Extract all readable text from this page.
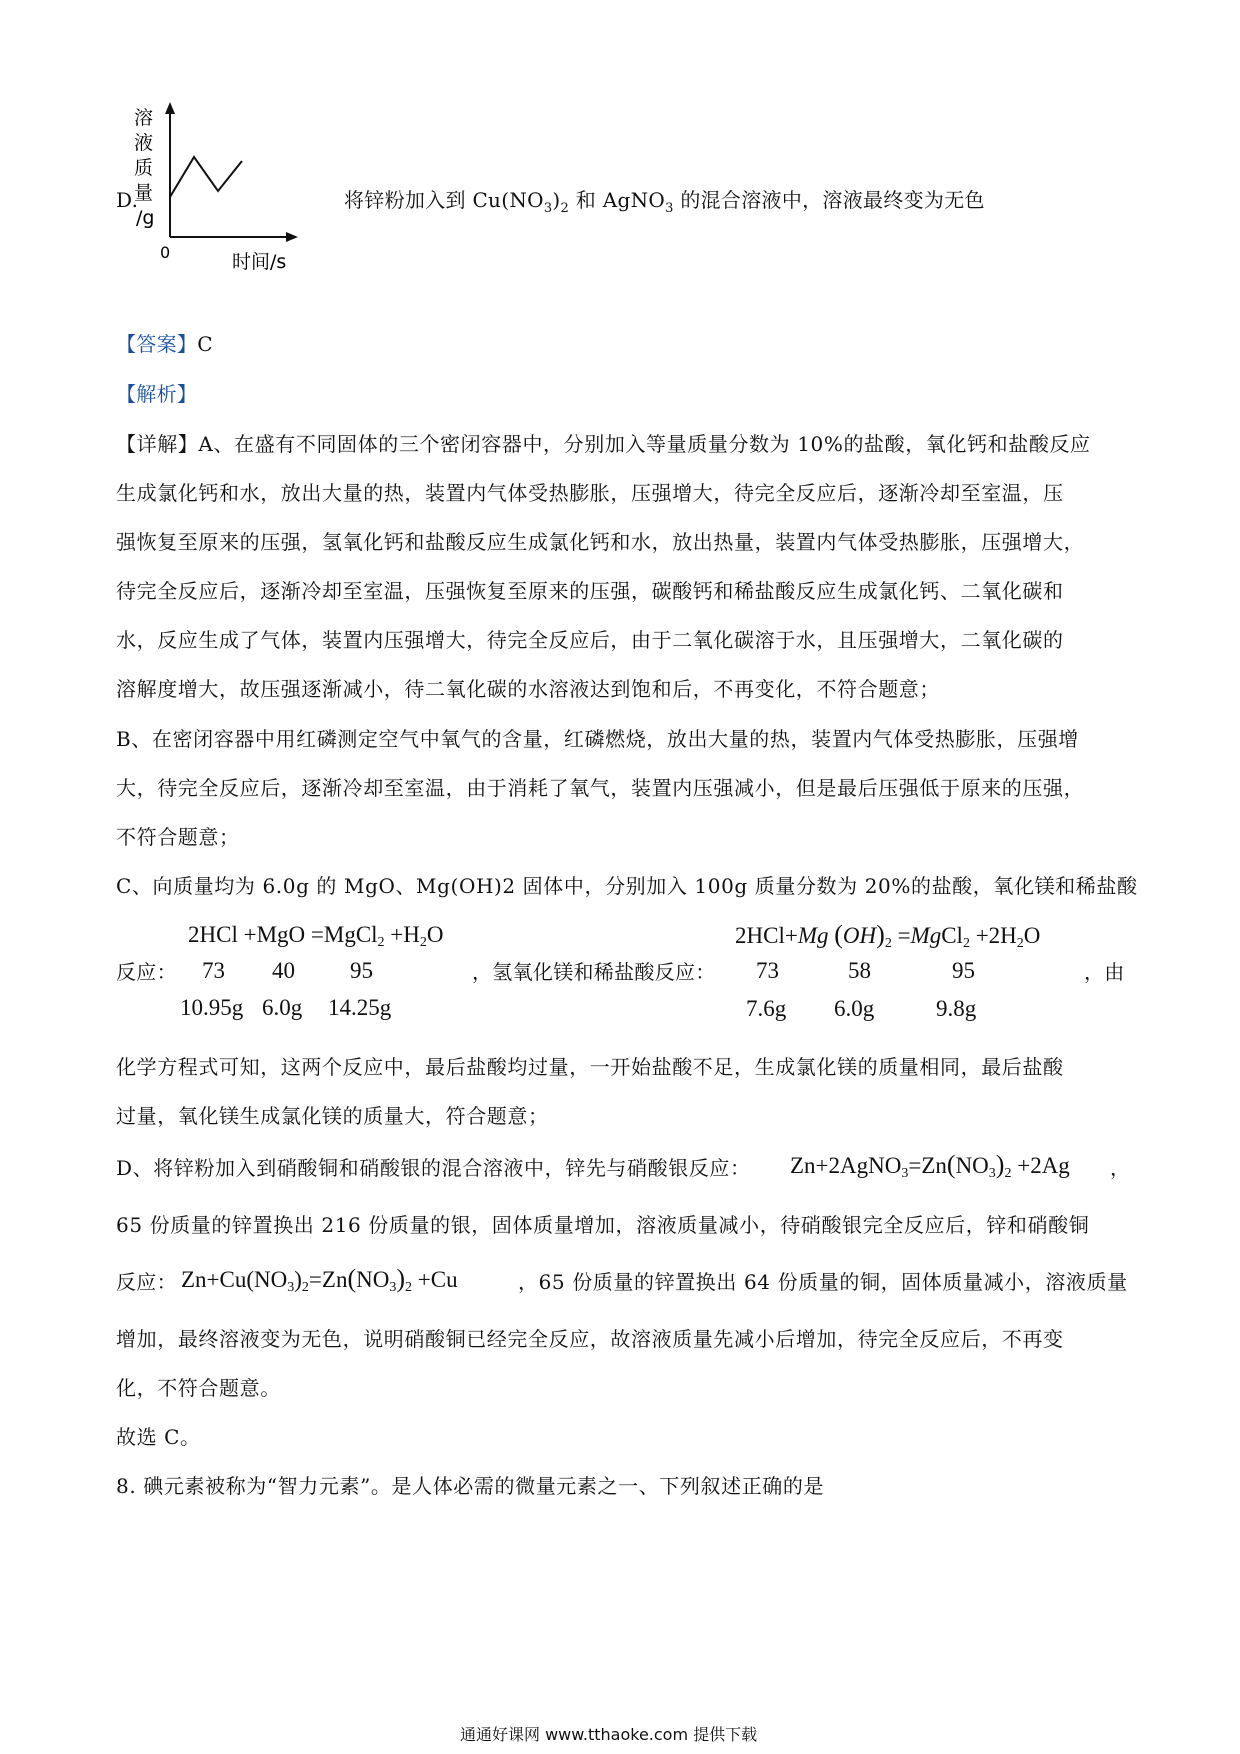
D.
溶
液
质
量
/g
0	时间/s
将锌粉加入到 $Cu(NO_3)_2$ 和 AgNO$_3$ 的混合溶液中，溶液最终变为无色
【答案】C
【解析】
【详解】A、在盛有不同固体的三个密闭容器中，分别加入等量质量分数为 10%的盐酸，氧化钙和盐酸反应
生成氯化钙和水，放出大量的热，装置内气体受热膨胀，压强增大，待完全反应后，逐渐冷却至室温，压
强恢复至原来的压强，氢氧化钙和盐酸反应生成氯化钙和水，放出热量，装置内气体受热膨胀，压强增大，
待完全反应后，逐渐冷却至室温，压强恢复至原来的压强，碳酸钙和稀盐酸反应生成氯化钙、二氧化碳和
水，反应生成了气体，装置内压强增大，待完全反应后，由于二氧化碳溶于水，且压强增大，二氧化碳的
溶解度增大，故压强逐渐减小，待二氧化碳的水溶液达到饱和后，不再变化，不符合题意；
B、在密闭容器中用红磷测定空气中氧气的含量，红磷燃烧，放出大量的热，装置内气体受热膨胀，压强增
大，待完全反应后，逐渐冷却至室温，由于消耗了氧气，装置内压强减小，但是最后压强低于原来的压强，
不符合题意；
C、向质量均为 6.0g 的 MgO、Mg(OH)2 固体中，分别加入 100g 质量分数为 20%的盐酸，氧化镁和稀盐酸
2HCl +MgO =MgCl$_2$ $+H_2O$
反应： 73 40 95
10.95g 6.0g 14.25g
，氢氧化镁和稀盐酸反应：
2HCl+Mg $(OH)_2$ =MgCl$_2$ $+2H_2O$
73	58	95
7.6g 6.0g	9.8g
，由
化学方程式可知，这两个反应中，最后盐酸均过量，一开始盐酸不足，生成氯化镁的质量相同，最后盐酸
过量，氧化镁生成氯化镁的质量大，符合题意；
D、将锌粉加入到硝酸铜和硝酸银的混合溶液中，锌先与硝酸银反应： $Zn+2AgNO_3=Zn(NO_3)_2 +2Ag$ ，
65 份质量的锌置换出 216 份质量的银，固体质量增加，溶液质量减小，待硝酸银完全反应后，锌和硝酸铜
反应： $Zn+Cu(NO_3)_2=Zn(NO_3)_2 +Cu$	，65 份质量的锌置换出 64 份质量的铜，固体质量减小，溶液质量
增加，最终溶液变为无色，说明硝酸铜已经完全反应，故溶液质量先减小后增加，待完全反应后，不再变
化，不符合题意。
故选 C。
8. 碘元素被称为“智力元素”。是人体必需的微量元素之一、下列叙述正确的是
通通好课网 www.tthaoke.com 提供下载
